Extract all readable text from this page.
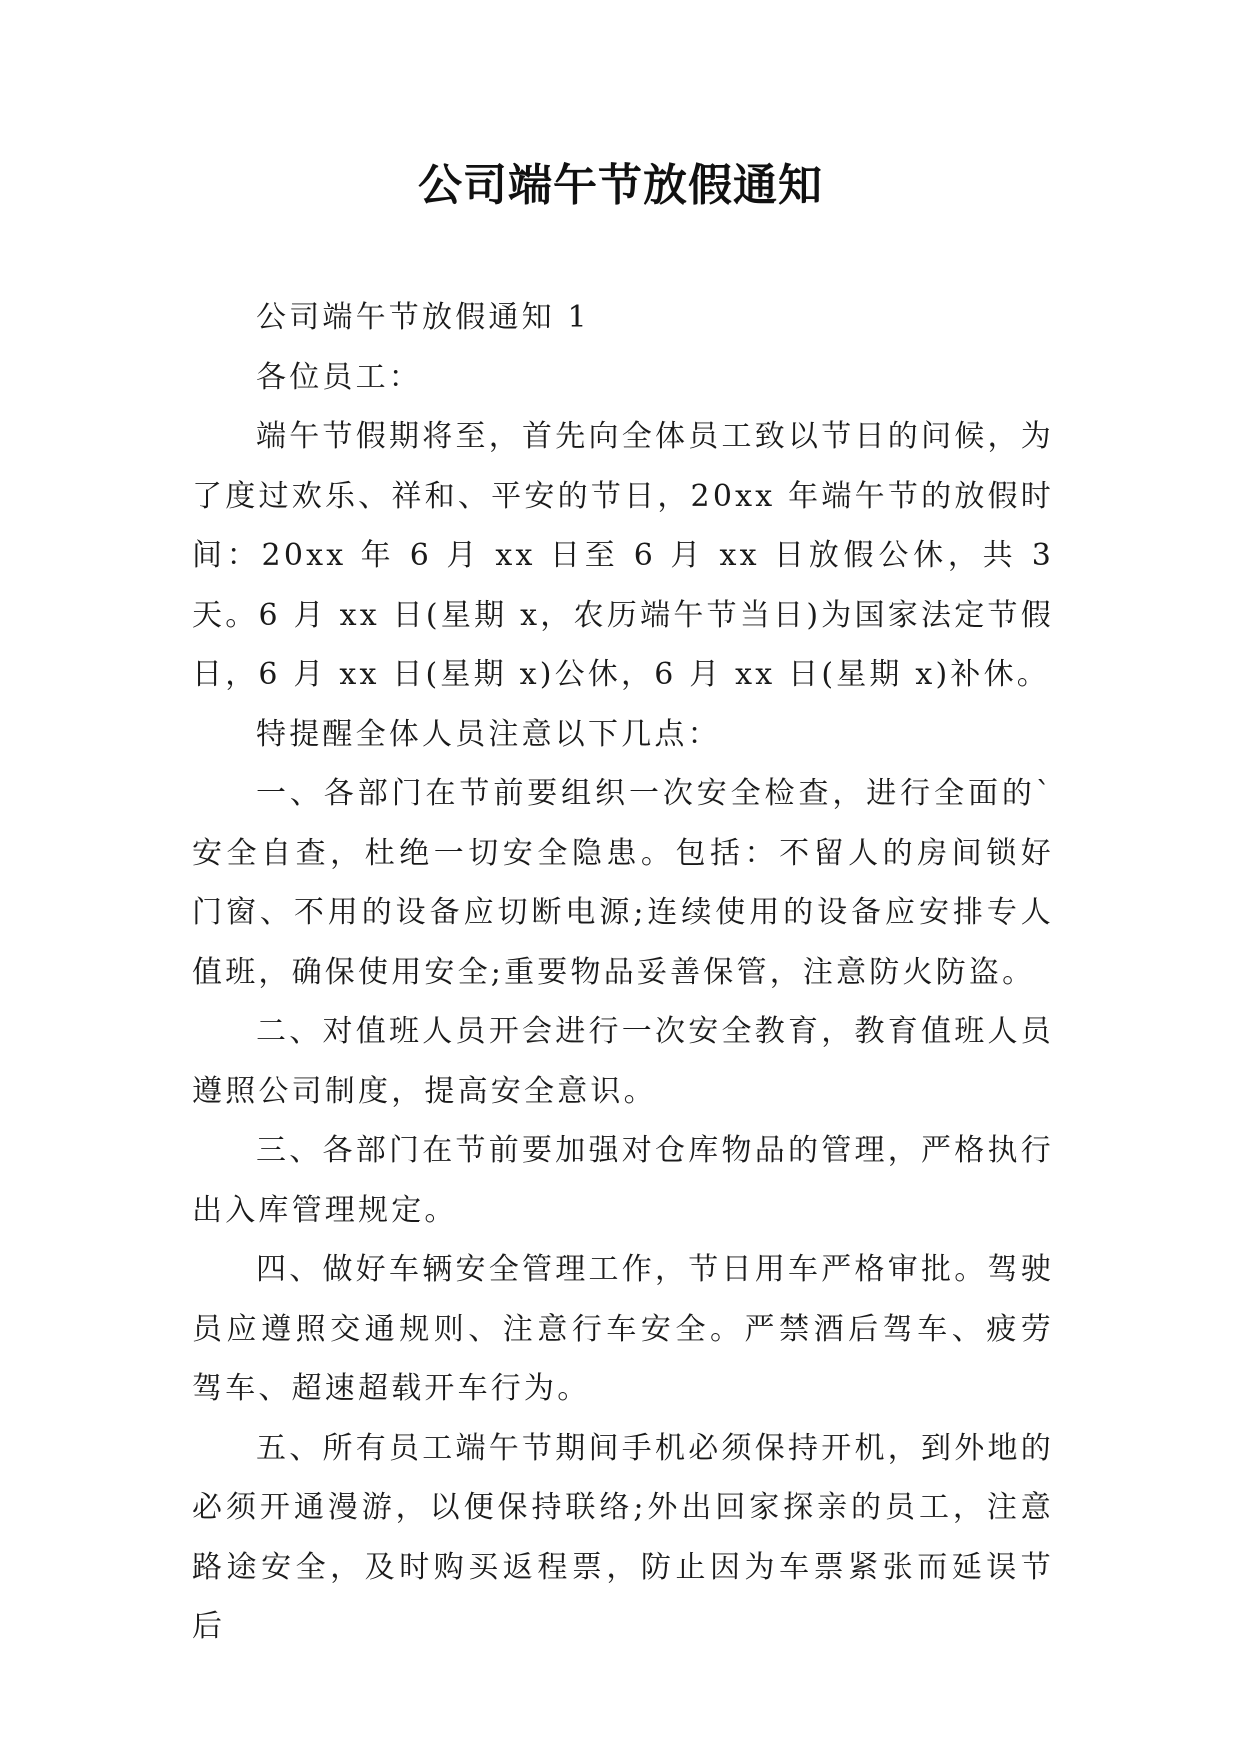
公司端午节放假通知

公司端午节放假通知 1

各位员工：

端午节假期将至，首先向全体员工致以节日的问候，为了度过欢乐、祥和、平安的节日，20xx 年端午节的放假时间：20xx 年 6 月 xx 日至 6 月 xx 日放假公休，共 3 天。6 月 xx 日(星期 x，农历端午节当日)为国家法定节假日，6 月 xx 日(星期 x)公休，6 月 xx 日(星期 x)补休。

特提醒全体人员注意以下几点：

一、各部门在节前要组织一次安全检查，进行全面的`安全自查，杜绝一切安全隐患。包括：不留人的房间锁好门窗、不用的设备应切断电源;连续使用的设备应安排专人值班，确保使用安全;重要物品妥善保管，注意防火防盗。

二、对值班人员开会进行一次安全教育，教育值班人员遵照公司制度，提高安全意识。

三、各部门在节前要加强对仓库物品的管理，严格执行出入库管理规定。

四、做好车辆安全管理工作，节日用车严格审批。驾驶员应遵照交通规则、注意行车安全。严禁酒后驾车、疲劳驾车、超速超载开车行为。

五、所有员工端午节期间手机必须保持开机，到外地的必须开通漫游，以便保持联络;外出回家探亲的员工，注意路途安全，及时购买返程票，防止因为车票紧张而延误节后
